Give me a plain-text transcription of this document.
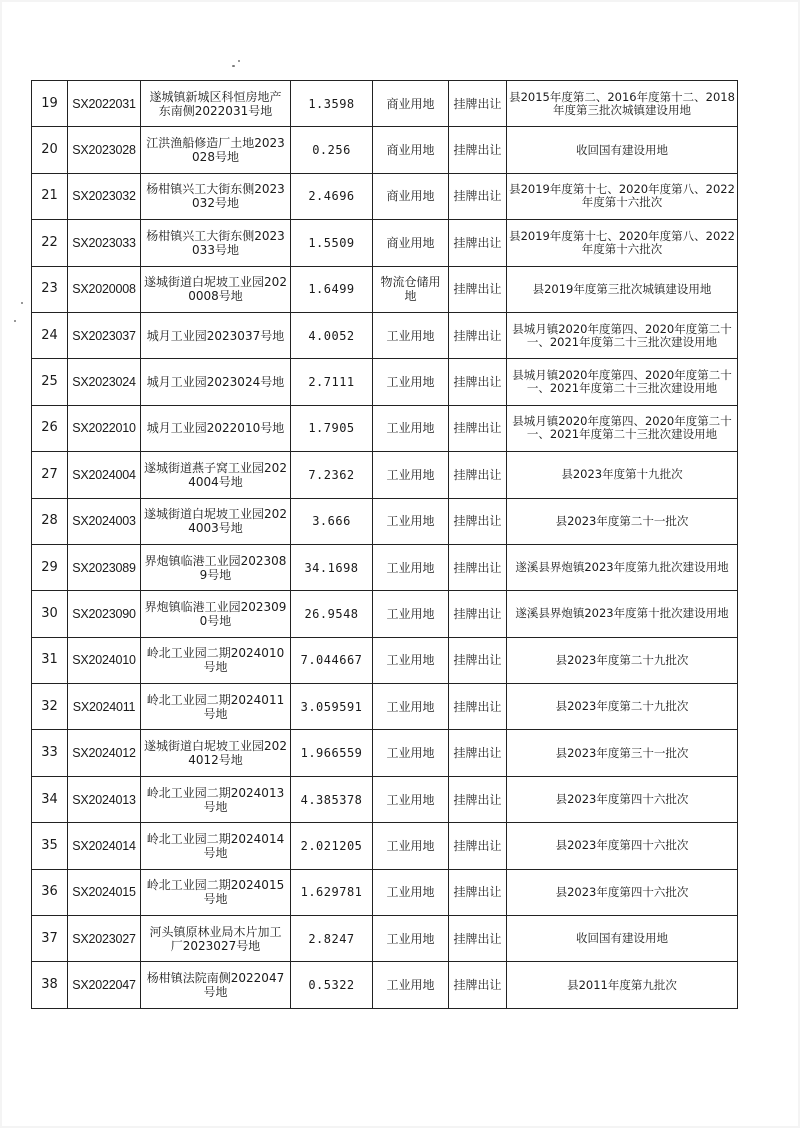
19	SX2022031	遂城镇新城区科恒房地产东南侧2022031号地	1.3598	商业用地	挂牌出让	县2015年度第二、2016年度第十二、2018年度第三批次城镇建设用地
20	SX2023028	江洪渔船修造厂土地2023028号地	0.256	商业用地	挂牌出让	收回国有建设用地
21	SX2023032	杨柑镇兴工大街东侧2023032号地	2.4696	商业用地	挂牌出让	县2019年度第十七、2020年度第八、2022年度第十六批次
22	SX2023033	杨柑镇兴工大街东侧2023033号地	1.5509	商业用地	挂牌出让	县2019年度第十七、2020年度第八、2022年度第十六批次
23	SX2020008	遂城街道白坭坡工业园2020008号地	1.6499	物流仓储用地	挂牌出让	县2019年度第三批次城镇建设用地
24	SX2023037	城月工业园2023037号地	4.0052	工业用地	挂牌出让	县城月镇2020年度第四、2020年度第二十一、2021年度第二十三批次建设用地
25	SX2023024	城月工业园2023024号地	2.7111	工业用地	挂牌出让	县城月镇2020年度第四、2020年度第二十一、2021年度第二十三批次建设用地
26	SX2022010	城月工业园2022010号地	1.7905	工业用地	挂牌出让	县城月镇2020年度第四、2020年度第二十一、2021年度第二十三批次建设用地
27	SX2024004	遂城街道燕子窝工业园2024004号地	7.2362	工业用地	挂牌出让	县2023年度第十九批次
28	SX2024003	遂城街道白坭坡工业园2024003号地	3.666	工业用地	挂牌出让	县2023年度第二十一批次
29	SX2023089	界炮镇临港工业园2023089号地	34.1698	工业用地	挂牌出让	遂溪县界炮镇2023年度第九批次建设用地
30	SX2023090	界炮镇临港工业园2023090号地	26.9548	工业用地	挂牌出让	遂溪县界炮镇2023年度第十批次建设用地
31	SX2024010	岭北工业园二期2024010号地	7.044667	工业用地	挂牌出让	县2023年度第二十九批次
32	SX2024011	岭北工业园二期2024011号地	3.059591	工业用地	挂牌出让	县2023年度第二十九批次
33	SX2024012	遂城街道白坭坡工业园2024012号地	1.966559	工业用地	挂牌出让	县2023年度第三十一批次
34	SX2024013	岭北工业园二期2024013号地	4.385378	工业用地	挂牌出让	县2023年度第四十六批次
35	SX2024014	岭北工业园二期2024014号地	2.021205	工业用地	挂牌出让	县2023年度第四十六批次
36	SX2024015	岭北工业园二期2024015号地	1.629781	工业用地	挂牌出让	县2023年度第四十六批次
37	SX2023027	河头镇原林业局木片加工厂2023027号地	2.8247	工业用地	挂牌出让	收回国有建设用地
38	SX2022047	杨柑镇法院南侧2022047号地	0.5322	工业用地	挂牌出让	县2011年度第九批次
